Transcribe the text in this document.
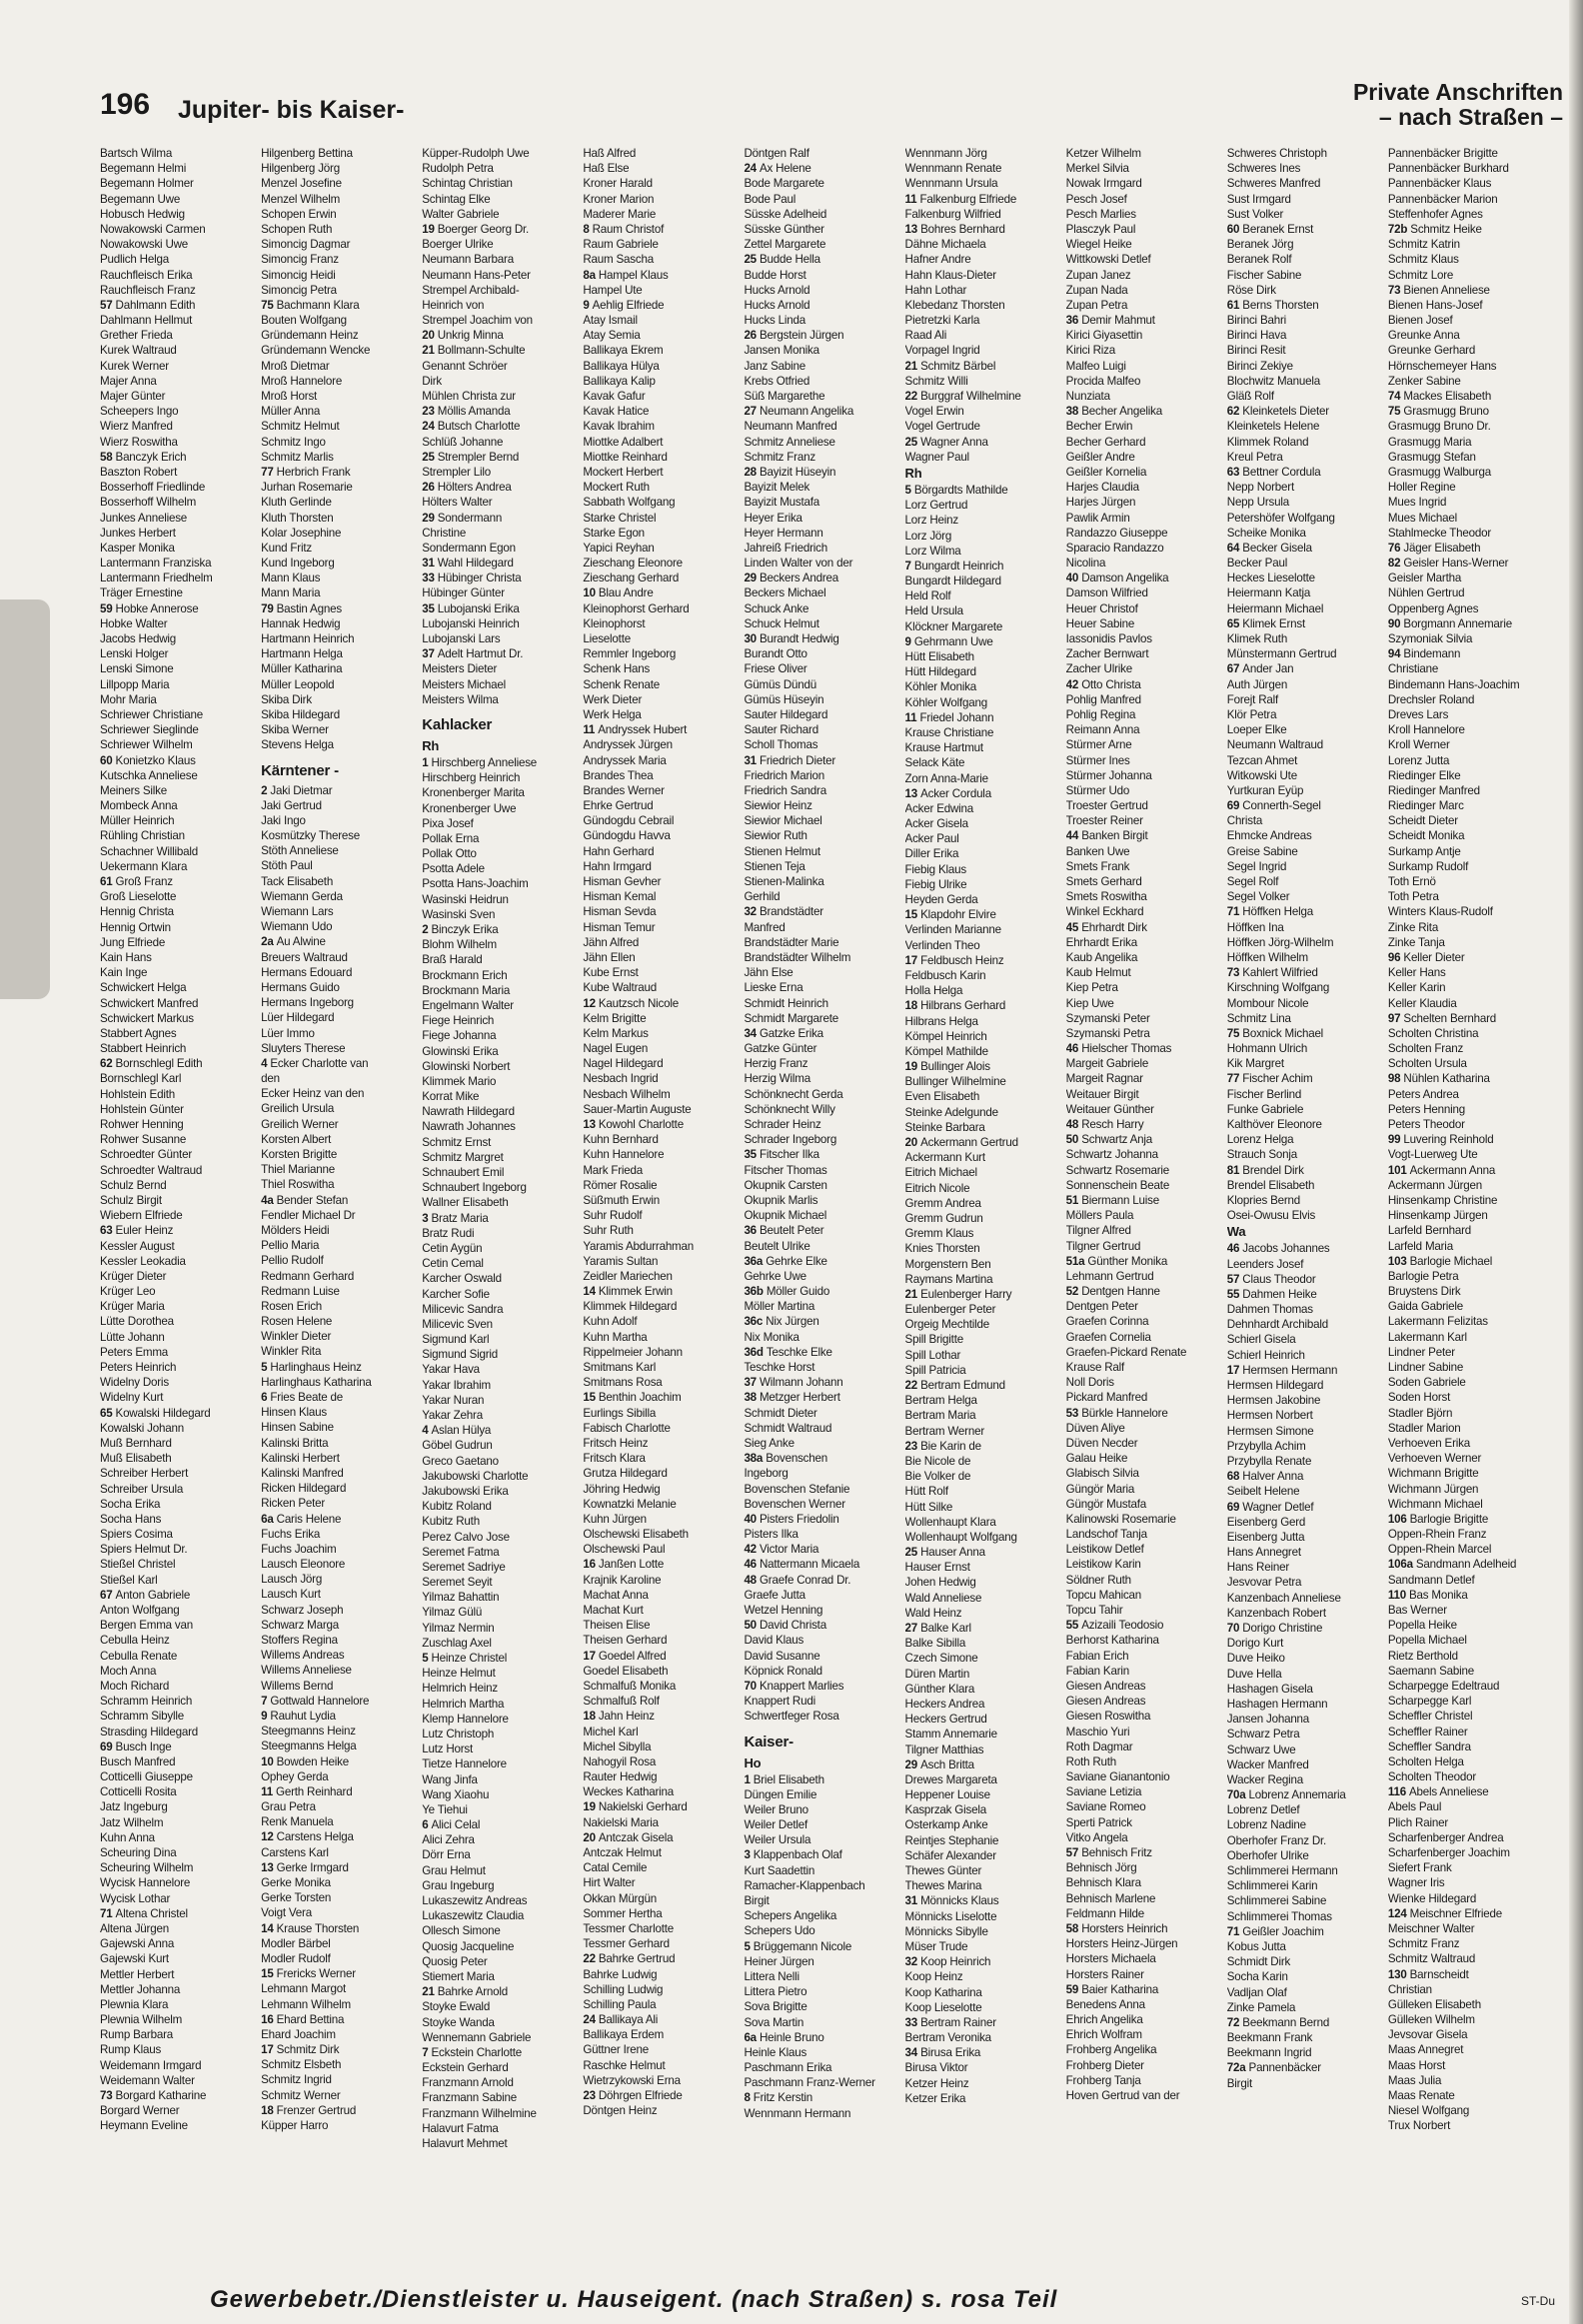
196 Jupiter- bis Kaiser-
Private Anschriften
– nach Straßen –
Bartsch Wilma
Begemann Helmi
Begemann Holmer
Begemann Uwe
Hobusch Hedwig
Nowakowski Carmen
Nowakowski Uwe
Pudlich Helga
Rauchfleisch Erika
Rauchfleisch Franz
57 Dahlmann Edith
Dahlmann Hellmut
Grether Frieda
Kurek Waltraud
Kurek Werner
Majer Anna
Majer Günter
Scheepers Ingo
Wierz Manfred
Wierz Roswitha
58 Banczyk Erich
Baszton Robert
Bosserhoff Friedlinde
Bosserhoff Wilhelm
Junkes Anneliese
Junkes Herbert
Kasper Monika
Lantermann Franziska
Lantermann Friedhelm
Träger Ernestine
59 Hobke Annerose
Hobke Walter
Jacobs Hedwig
Lenski Holger
Lenski Simone
Lillpopp Maria
Mohr Maria
Schriewer Christiane
Schriewer Sieglinde
Schriewer Wilhelm
60 Konietzko Klaus
Kutschka Anneliese
Meiners Silke
Mombeck Anna
Müller Heinrich
Rühling Christian
Schachner Willibald
Uekermann Klara
61 Groß Franz
Groß Lieselotte
Hennig Christa
Hennig Ortwin
Jung Elfriede
Kain Hans
Kain Inge
Schwickert Helga
Schwickert Manfred
Schwickert Markus
Stabbert Agnes
Stabbert Heinrich
62 Bornschlegl Edith
Bornschlegl Karl
Hohlstein Edith
Hohlstein Günter
Rohwer Henning
Rohwer Susanne
Schroedter Günter
Schroedter Waltraud
Schulz Bernd
Schulz Birgit
Wiebern Elfriede
63 Euler Heinz
Kessler August
Kessler Leokadia
Krüger Dieter
Krüger Leo
Krüger Maria
Lütte Dorothea
Lütte Johann
Peters Emma
Peters Heinrich
Widelny Doris
Widelny Kurt
65 Kowalski Hildegard
Kowalski Johann
Muß Bernhard
Muß Elisabeth
Schreiber Herbert
Schreiber Ursula
Socha Erika
Socha Hans
Spiers Cosima
Spiers Helmut Dr.
Stießel Christel
Stießel Karl
67 Anton Gabriele
Anton Wolfgang
Bergen Emma van
Cebulla Heinz
Cebulla Renate
Moch Anna
Moch Richard
Schramm Heinrich
Schramm Sibylle
Strasding Hildegard
69 Busch Inge
Busch Manfred
Cotticelli Giuseppe
Cotticelli Rosita
Jatz Ingeburg
Jatz Wilhelm
Kuhn Anna
Scheuring Dina
Scheuring Wilhelm
Wycisk Hannelore
Wycisk Lothar
71 Altena Christel
Altena Jürgen
Gajewski Anna
Gajewski Kurt
Mettler Herbert
Mettler Johanna
Plewnia Klara
Plewnia Wilhelm
Rump Barbara
Rump Klaus
Weidemann Irmgard
Weidemann Walter
73 Borgard Katharine
Borgard Werner
Heymann Eveline
Hilgenberg Bettina
Hilgenberg Jörg
Menzel Josefine
Menzel Wilhelm
Schopen Erwin
Schopen Ruth
Simoncig Dagmar
Simoncig Franz
Simoncig Heidi
Simoncig Petra
75 Bachmann Klara
Bouten Wolfgang
Gründemann Heinz
Gründemann Wencke
Mroß Dietmar
Mroß Hannelore
Mroß Horst
Müller Anna
Schmitz Helmut
Schmitz Ingo
Schmitz Marlis
77 Herbrich Frank
Jurhan Rosemarie
Kluth Gerlinde
Kluth Thorsten
Kolar Josephine
Kund Fritz
Kund Ingeborg
Mann Klaus
Mann Maria
79 Bastin Agnes
Hannak Hedwig
Hartmann Heinrich
Hartmann Helga
Müller Katharina
Müller Leopold
Skiba Dirk
Skiba Hildegard
Skiba Werner
Stevens Helga
Kärntener -
2 Jaki Dietmar
Jaki Gertrud
Jaki Ingo
Kosmützky Therese
Stöth Anneliese
Stöth Paul
Tack Elisabeth
Wiemann Gerda
Wiemann Lars
Wiemann Udo
2a Au Alwine
Breuers Waltraud
Hermans Edouard
Hermans Guido
Hermans Ingeborg
Lüer Hildegard
Lüer Immo
Sluyters Therese
4 Ecker Charlotte van
den
Ecker Heinz van den
Greilich Ursula
Greilich Werner
Korsten Albert
Korsten Brigitte
Thiel Marianne
Thiel Roswitha
4a Bender Stefan
Fendler Michael Dr
Mölders Heidi
Pellio Maria
Pellio Rudolf
Redmann Gerhard
Redmann Luise
Rosen Erich
Rosen Helene
Winkler Dieter
Winkler Rita
5 Harlinghaus Heinz
Harlinghaus Katharina
6 Fries Beate de
Hinsen Klaus
Hinsen Sabine
Kalinski Britta
Kalinski Herbert
Kalinski Manfred
Ricken Hildegard
Ricken Peter
6a Caris Helene
Fuchs Erika
Fuchs Joachim
Lausch Eleonore
Lausch Jörg
Lausch Kurt
Schwarz Joseph
Schwarz Marga
Stoffers Regina
Willems Andreas
Willems Anneliese
Willems Bernd
7 Gottwald Hannelore
9 Rauhut Lydia
Steegmanns Heinz
Steegmanns Helga
10 Bowden Heike
Ophey Gerda
11 Gerth Reinhard
Grau Petra
Renk Manuela
12 Carstens Helga
Carstens Karl
13 Gerke Irmgard
Gerke Monika
Gerke Torsten
Voigt Vera
14 Krause Thorsten
Modler Bärbel
Modler Rudolf
15 Frericks Werner
Lehmann Margot
Lehmann Wilhelm
16 Ehard Bettina
Ehard Joachim
17 Schmitz Dirk
Schmitz Elsbeth
Schmitz Ingrid
Schmitz Werner
18 Frenzer Gertrud
Küpper Harro
Küpper-Rudolph Uwe
Rudolph Petra
Schintag Christian
Schintag Elke
Walter Gabriele
19 Boerger Georg Dr.
Boerger Ulrike
Neumann Barbara
Neumann Hans-Peter
Strempel Archibald-
Heinrich von
Strempel Joachim von
20 Unkrig Minna
21 Bollmann-Schulte
Genannt Schröer
Dirk
Mühlen Christa zur
23 Möllis Amanda
24 Butsch Charlotte
Schlüß Johanne
25 Strempler Bernd
Strempler Lilo
26 Hölters Andrea
Hölters Walter
29 Sondermann
Christine
Sondermann Egon
31 Wahl Hildegard
33 Hübinger Christa
Hübinger Günter
35 Lubojanski Erika
Lubojanski Heinrich
Lubojanski Lars
37 Adelt Hartmut Dr.
Meisters Dieter
Meisters Michael
Meisters Wilma
Kahlacker
Rh
1 Hirschberg Anneliese
Hirschberg Heinrich
Kronenberger Marita
Kronenberger Uwe
Pixa Josef
Pollak Erna
Pollak Otto
Psotta Adele
Psotta Hans-Joachim
Wasinski Heidrun
Wasinski Sven
2 Binczyk Erika
Blohm Wilhelm
Braß Harald
Brockmann Erich
Brockmann Maria
Engelmann Walter
Fiege Heinrich
Fiege Johanna
Glowinski Erika
Glowinski Norbert
Klimmek Mario
Korrat Mike
Nawrath Hildegard
Nawrath Johannes
Schmitz Ernst
Schmitz Margret
Schnaubert Emil
Schnaubert Ingeborg
Wallner Elisabeth
3 Bratz Maria
Bratz Rudi
Cetin Aygün
Cetin Cemal
Karcher Oswald
Karcher Sofie
Milicevic Sandra
Milicevic Sven
Sigmund Karl
Sigmund Sigrid
Yakar Hava
Yakar Ibrahim
Yakar Nuran
Yakar Zehra
4 Aslan Hülya
Göbel Gudrun
Greco Gaetano
Jakubowski Charlotte
Jakubowski Erika
Kubitz Roland
Kubitz Ruth
Perez Calvo Jose
Seremet Fatma
Seremet Sadriye
Seremet Seyit
Yilmaz Bahattin
Yilmaz Gülü
Yilmaz Nermin
Zuschlag Axel
5 Heinze Christel
Heinze Helmut
Helmrich Heinz
Helmrich Martha
Klemp Hannelore
Lutz Christoph
Lutz Horst
Tietze Hannelore
Wang Jinfa
Wang Xiaohu
Ye Tiehui
6 Alici Celal
Alici Zehra
Dörr Erna
Grau Helmut
Grau Ingeburg
Lukaszewitz Andreas
Lukaszewitz Claudia
Ollesch Simone
Quosig Jacqueline
Quosig Peter
Stiemert Maria
21 Bahrke Arnold
Stoyke Ewald
Stoyke Wanda
Wennemann Gabriele
7 Eckstein Charlotte
Eckstein Gerhard
Franzmann Arnold
Franzmann Sabine
Franzmann Wilhelmine
Halavurt Fatma
Halavurt Mehmet
Haß Alfred
Haß Else
Kroner Harald
Kroner Marion
Maderer Marie
8 Raum Christof
Raum Gabriele
Raum Sascha
8a Hampel Klaus
Hampel Ute
9 Aehlig Elfriede
Atay Ismail
Atay Semia
Ballikaya Ekrem
Ballikaya Hülya
Ballikaya Kalip
Kavak Gafur
Kavak Hatice
Kavak Ibrahim
Miottke Adalbert
Miottke Reinhard
Mockert Herbert
Mockert Ruth
Sabbath Wolfgang
Starke Christel
Starke Egon
Yapici Reyhan
Zieschang Eleonore
Zieschang Gerhard
10 Blau Andre
Kleinophorst Gerhard
Kleinophorst
Lieselotte
Remmler Ingeborg
Schenk Hans
Schenk Renate
Werk Dieter
Werk Helga
11 Andryssek Hubert
Andryssek Jürgen
Andryssek Maria
Brandes Thea
Brandes Werner
Ehrke Gertrud
Gündogdu Cebrail
Gündogdu Havva
Hahn Gerhard
Hahn Irmgard
Hisman Gevher
Hisman Kemal
Hisman Sevda
Hisman Temur
Jähn Alfred
Jähn Ellen
Kube Ernst
Kube Waltraud
12 Kautzsch Nicole
Kelm Brigitte
Kelm Markus
Nagel Eugen
Nagel Hildegard
Nesbach Ingrid
Nesbach Wilhelm
Sauer-Martin Auguste
13 Kowohl Charlotte
Kuhn Bernhard
Kuhn Hannelore
Mark Frieda
Römer Rosalie
Süßmuth Erwin
Suhr Rudolf
Suhr Ruth
Yaramis Abdurrahman
Yaramis Sultan
Zeidler Mariechen
14 Klimmek Erwin
Klimmek Hildegard
Kuhn Adolf
Kuhn Martha
Rippelmeier Johann
Smitmans Karl
Smitmans Rosa
15 Benthin Joachim
Eurlings Sibilla
Fabisch Charlotte
Fritsch Heinz
Fritsch Klara
Grutza Hildegard
Jöhring Hedwig
Kownatzki Melanie
Kuhn Jürgen
Olschewski Elisabeth
Olschewski Paul
16 Janßen Lotte
Krajnik Karoline
Machat Anna
Machat Kurt
Theisen Elise
Theisen Gerhard
17 Goedel Alfred
Goedel Elisabeth
Schmalfuß Monika
Schmalfuß Rolf
18 Jahn Heinz
Michel Karl
Michel Sibylla
Nahogyil Rosa
Rauter Hedwig
Weckes Katharina
19 Nakielski Gerhard
Nakielski Maria
20 Antczak Gisela
Antczak Helmut
Catal Cemile
Hirt Walter
Okkan Mürgün
Sommer Hertha
Tessmer Charlotte
Tessmer Gerhard
22 Bahrke Gertrud
Bahrke Ludwig
Schilling Ludwig
Schilling Paula
24 Ballikaya Ali
Ballikaya Erdem
Güttner Irene
Raschke Helmut
Wietrzykowski Erna
23 Döhrgen Elfriede
Döntgen Heinz
Döntgen Ralf
24 Ax Helene
Bode Margarete
Bode Paul
Süsske Adelheid
Süsske Günther
Zettel Margarete
25 Budde Hella
Budde Horst
Hucks Arnold
Hucks Arnold
Hucks Linda
26 Bergstein Jürgen
Jansen Monika
Janz Sabine
Krebs Otfried
Süß Margarethe
27 Neumann Angelika
Neumann Manfred
Schmitz Anneliese
Schmitz Franz
28 Bayizit Hüseyin
Bayizit Melek
Bayizit Mustafa
Heyer Erika
Heyer Hermann
Jahreiß Friedrich
Linden Walter von der
29 Beckers Andrea
Beckers Michael
Schuck Anke
Schuck Helmut
30 Burandt Hedwig
Burandt Otto
Friese Oliver
Gümüs Dündü
Gümüs Hüseyin
Sauter Hildegard
Sauter Richard
Scholl Thomas
31 Friedrich Dieter
Friedrich Marion
Friedrich Sandra
Siewior Heinz
Siewior Michael
Siewior Ruth
Stienen Helmut
Stienen Teja
Stienen-Malinka
Gerhild
32 Brandstädter
Manfred
Brandstädter Marie
Brandstädter Wilhelm
Jähn Else
Lieske Erna
Schmidt Heinrich
Schmidt Margarete
34 Gatzke Erika
Gatzke Günter
Herzig Franz
Herzig Wilma
Schönknecht Gerda
Schönknecht Willy
Schrader Heinz
Schrader Ingeborg
35 Fitscher Ilka
Fitscher Thomas
Okupnik Carsten
Okupnik Marlis
Okupnik Michael
36 Beutelt Peter
Beutelt Ulrike
36a Gehrke Elke
Gehrke Uwe
36b Möller Guido
Möller Martina
36c Nix Jürgen
Nix Monika
36d Teschke Elke
Teschke Horst
37 Wilmann Johann
38 Metzger Herbert
Schmidt Dieter
Schmidt Waltraud
Sieg Anke
38a Bovenschen
Ingeborg
Bovenschen Stefanie
Bovenschen Werner
40 Pisters Friedolin
Pisters Ilka
42 Victor Maria
46 Nattermann Micaela
48 Graefe Conrad Dr.
Graefe Jutta
Wetzel Henning
50 David Christa
David Klaus
David Susanne
Köpnick Ronald
70 Knappert Marlies
Knappert Rudi
Schwertfeger Rosa
Kaiser-
Ho
1 Briel Elisabeth
Düngen Emilie
Weiler Bruno
Weiler Detlef
Weiler Ursula
3 Klappenbach Olaf
Kurt Saadettin
Ramacher-Klappenbach
Birgit
Schepers Angelika
Schepers Udo
5 Brüggemann Nicole
Heiner Jürgen
Littera Nelli
Littera Pietro
Sova Brigitte
Sova Martin
6a Heinle Bruno
Heinle Klaus
Paschmann Erika
Paschmann Franz-Werner
8 Fritz Kerstin
Wennmann Hermann
Wennmann Jörg
Wennmann Renate
Wennmann Ursula
11 Falkenburg Elfriede
Falkenburg Wilfried
13 Bohres Bernhard
Dähne Michaela
Hafner Andre
Hahn Klaus-Dieter
Hahn Lothar
Klebedanz Thorsten
Pietretzki Karla
Raad Ali
Vorpagel Ingrid
21 Schmitz Bärbel
Schmitz Willi
22 Burggraf Wilhelmine
Vogel Erwin
Vogel Gertrude
25 Wagner Anna
Wagner Paul
Rh
5 Börgardts Mathilde
Lorz Gertrud
Lorz Heinz
Lorz Jörg
Lorz Wilma
7 Bungardt Heinrich
Bungardt Hildegard
Held Rolf
Held Ursula
Klöckner Margarete
9 Gehrmann Uwe
Hütt Elisabeth
Hütt Hildegard
Köhler Monika
Köhler Wolfgang
11 Friedel Johann
Krause Christiane
Krause Hartmut
Selack Käte
Zorn Anna-Marie
13 Acker Cordula
Acker Edwina
Acker Gisela
Acker Paul
Diller Erika
Fiebig Klaus
Fiebig Ulrike
Heyden Gerda
15 Klapdohr Elvire
Verlinden Marianne
Verlinden Theo
17 Feldbusch Heinz
Feldbusch Karin
Holla Helga
18 Hilbrans Gerhard
Hilbrans Helga
Kömpel Heinrich
Kömpel Mathilde
19 Bullinger Alois
Bullinger Wilhelmine
Even Elisabeth
Steinke Adelgunde
Steinke Barbara
20 Ackermann Gertrud
Ackermann Kurt
Eitrich Michael
Eitrich Nicole
Gremm Andrea
Gremm Gudrun
Gremm Klaus
Knies Thorsten
Morgenstern Ben
Raymans Martina
21 Eulenberger Harry
Eulenberger Peter
Orgeig Mechtilde
Spill Brigitte
Spill Lothar
Spill Patricia
22 Bertram Edmund
Bertram Helga
Bertram Maria
Bertram Werner
23 Bie Karin de
Bie Nicole de
Bie Volker de
Hütt Rolf
Hütt Silke
Wollenhaupt Klara
Wollenhaupt Wolfgang
25 Hauser Anna
Hauser Ernst
Johen Hedwig
Wald Anneliese
Wald Heinz
27 Balke Karl
Balke Sibilla
Czech Simone
Düren Martin
Günther Klara
Heckers Andrea
Heckers Gertrud
Stamm Annemarie
Tilgner Matthias
29 Asch Britta
Drewes Margareta
Heppener Louise
Kasprzak Gisela
Osterkamp Anke
Reintjes Stephanie
Schäfer Alexander
Thewes Günter
Thewes Marina
31 Mönnicks Klaus
Mönnicks Liselotte
Mönnicks Sibylle
Müser Trude
32 Koop Heinrich
Koop Heinz
Koop Katharina
Koop Lieselotte
33 Bertram Rainer
Bertram Veronika
34 Birusa Erika
Birusa Viktor
Ketzer Heinz
Ketzer Erika
Ketzer Wilhelm
Merkel Silvia
Nowak Irmgard
Pesch Josef
Pesch Marlies
Plasczyk Paul
Wiegel Heike
Wittkowski Detlef
Zupan Janez
Zupan Nada
Zupan Petra
36 Demir Mahmut
Kirici Giyasettin
Kirici Riza
Malfeo Luigi
Procida Malfeo
Nunziata
38 Becher Angelika
Becher Erwin
Becher Gerhard
Geißler Andre
Geißler Kornelia
Harjes Claudia
Harjes Jürgen
Pawlik Armin
Randazzo Giuseppe
Sparacio Randazzo
Nicolina
40 Damson Angelika
Damson Wilfried
Heuer Christof
Heuer Sabine
Iassonidis Pavlos
Zacher Bernwart
Zacher Ulrike
42 Otto Christa
Pohlig Manfred
Pohlig Regina
Reimann Anna
Stürmer Arne
Stürmer Ines
Stürmer Johanna
Stürmer Udo
Troester Gertrud
Troester Reiner
44 Banken Birgit
Banken Uwe
Smets Frank
Smets Gerhard
Smets Roswitha
Winkel Eckhard
45 Ehrhardt Dirk
Ehrhardt Erika
Kaub Angelika
Kaub Helmut
Kiep Petra
Kiep Uwe
Szymanski Peter
Szymanski Petra
46 Hielscher Thomas
Margeit Gabriele
Margeit Ragnar
Weitauer Birgit
Weitauer Günther
48 Resch Harry
50 Schwartz Anja
Schwartz Johanna
Schwartz Rosemarie
Sonnenschein Beate
51 Biermann Luise
Möllers Paula
Tilgner Alfred
Tilgner Gertrud
51a Günther Monika
Lehmann Gertrud
52 Dentgen Hanne
Dentgen Peter
Graefen Corinna
Graefen Cornelia
Graefen-Pickard Renate
Krause Ralf
Noll Doris
Pickard Manfred
53 Bürkle Hannelore
Düven Aliye
Düven Necder
Galau Heike
Glabisch Silvia
Güngör Maria
Güngör Mustafa
Kalinowski Rosemarie
Landschof Tanja
Leistikow Detlef
Leistikow Karin
Söldner Ruth
Topcu Mahican
Topcu Tahir
55 Azizaili Teodosio
Berhorst Katharina
Fabian Erich
Fabian Karin
Giesen Andreas
Giesen Andreas
Giesen Roswitha
Maschio Yuri
Roth Dagmar
Roth Ruth
Saviane Gianantonio
Saviane Letizia
Saviane Romeo
Sperti Patrick
Vitko Angela
57 Behnisch Fritz
Behnisch Jörg
Behnisch Klara
Behnisch Marlene
Feldmann Hilde
58 Horsters Heinrich
Horsters Heinz-Jürgen
Horsters Michaela
Horsters Rainer
59 Baier Katharina
Benedens Anna
Ehrich Angelika
Ehrich Wolfram
Frohberg Angelika
Frohberg Dieter
Frohberg Tanja
Hoven Gertrud van der
Schweres Christoph
Schweres Ines
Schweres Manfred
Sust Irmgard
Sust Volker
60 Beranek Ernst
Beranek Jörg
Beranek Rolf
Fischer Sabine
Röse Dirk
61 Berns Thorsten
Birinci Bahri
Birinci Hava
Birinci Resit
Birinci Zekiye
Blochwitz Manuela
Gläß Rolf
62 Kleinketels Dieter
Kleinketels Helene
Klimmek Roland
Kreul Petra
63 Bettner Cordula
Nepp Norbert
Nepp Ursula
Petershöfer Wolfgang
Scheike Monika
64 Becker Gisela
Becker Paul
Heckes Lieselotte
Heiermann Katja
Heiermann Michael
65 Klimek Ernst
Klimek Ruth
Münstermann Gertrud
67 Ander Jan
Auth Jürgen
Forejt Ralf
Klör Petra
Loeper Elke
Neumann Waltraud
Tezcan Ahmet
Witkowski Ute
Yurtkuran Eyüp
69 Connerth-Segel
Christa
Ehmcke Andreas
Greise Sabine
Segel Ingrid
Segel Rolf
Segel Volker
71 Höffken Helga
Höffken Ina
Höffken Jörg-Wilhelm
Höffken Wilhelm
73 Kahlert Wilfried
Kirschning Wolfgang
Mombour Nicole
Schmitz Lina
75 Boxnick Michael
Hohmann Ulrich
Kik Margret
77 Fischer Achim
Fischer Berlind
Funke Gabriele
Kalthöver Eleonore
Lorenz Helga
Strauch Sonja
81 Brendel Dirk
Brendel Elisabeth
Klopries Bernd
Osei-Owusu Elvis
Wa
46 Jacobs Johannes
Leenders Josef
57 Claus Theodor
55 Dahmen Heike
Dahmen Thomas
Dehnhardt Archibald
Schierl Gisela
Schierl Heinrich
17 Hermsen Hermann
Hermsen Hildegard
Hermsen Jakobine
Hermsen Norbert
Hermsen Simone
Przybylla Achim
Przybylla Renate
68 Halver Anna
Seibelt Helene
69 Wagner Detlef
Eisenberg Gerd
Eisenberg Jutta
Hans Annegret
Hans Reiner
Jesvovar Petra
Kanzenbach Anneliese
Kanzenbach Robert
70 Dorigo Christine
Dorigo Kurt
Duve Heiko
Duve Hella
Hashagen Gisela
Hashagen Hermann
Jansen Johanna
Schwarz Petra
Schwarz Uwe
Wacker Manfred
Wacker Regina
70a Lobrenz Annemaria
Lobrenz Detlef
Lobrenz Nadine
Oberhofer Franz Dr.
Oberhofer Ulrike
Schlimmerei Hermann
Schlimmerei Karin
Schlimmerei Sabine
Schlimmerei Thomas
71 Geißler Joachim
Kobus Jutta
Schmidt Dirk
Socha Karin
Vadljan Olaf
Zinke Pamela
72 Beekmann Bernd
Beekmann Frank
Beekmann Ingrid
72a Pannenbäcker
Birgit
Pannenbäcker Brigitte
Pannenbäcker Burkhard
Pannenbäcker Klaus
Pannenbäcker Marion
Steffenhofer Agnes
72b Schmitz Heike
Schmitz Katrin
Schmitz Klaus
Schmitz Lore
73 Bienen Anneliese
Bienen Hans-Josef
Bienen Josef
Greunke Anna
Greunke Gerhard
Hörnschemeyer Hans
Zenker Sabine
74 Mackes Elisabeth
75 Grasmugg Bruno
Grasmugg Bruno Dr.
Grasmugg Maria
Grasmugg Stefan
Grasmugg Walburga
Holler Regine
Mues Ingrid
Mues Michael
Stahlmecke Theodor
76 Jäger Elisabeth
82 Geisler Hans-Werner
Geisler Martha
Nühlen Gertrud
Oppenberg Agnes
90 Borgmann Annemarie
Szymoniak Silvia
94 Bindemann
Christiane
Bindemann Hans-Joachim
Drechsler Roland
Dreves Lars
Kroll Hannelore
Kroll Werner
Lorenz Jutta
Riedinger Elke
Riedinger Manfred
Riedinger Marc
Scheidt Dieter
Scheidt Monika
Surkamp Antje
Surkamp Rudolf
Toth Ernö
Toth Petra
Winters Klaus-Rudolf
Zinke Rita
Zinke Tanja
96 Keller Dieter
Keller Hans
Keller Karin
Keller Klaudia
97 Schelten Bernhard
Scholten Christina
Scholten Franz
Scholten Ursula
98 Nühlen Katharina
Peters Andrea
Peters Henning
Peters Theodor
99 Luvering Reinhold
Vogt-Luerweg Ute
101 Ackermann Anna
Ackermann Jürgen
Hinsenkamp Christine
Hinsenkamp Jürgen
Larfeld Bernhard
Larfeld Maria
103 Barlogie Michael
Barlogie Petra
Bruystens Dirk
Gaida Gabriele
Lakermann Felizitas
Lakermann Karl
Lindner Peter
Lindner Sabine
Soden Gabriele
Soden Horst
Stadler Björn
Stadler Marion
Verhoeven Erika
Verhoeven Werner
Wichmann Brigitte
Wichmann Jürgen
Wichmann Michael
106 Barlogie Brigitte
Oppen-Rhein Franz
Oppen-Rhein Marcel
106a Sandmann Adelheid
Sandmann Detlef
110 Bas Monika
Bas Werner
Popella Heike
Popella Michael
Rietz Berthold
Saemann Sabine
Scharpegge Edeltraud
Scharpegge Karl
Scheffler Christel
Scheffler Rainer
Scheffler Sandra
Scholten Helga
Scholten Theodor
116 Abels Anneliese
Abels Paul
Plich Rainer
Scharfenberger Andrea
Scharfenberger Joachim
Siefert Frank
Wagner Iris
Wienke Hildegard
124 Meischner Elfriede
Meischner Walter
Schmitz Franz
Schmitz Waltraud
130 Barnscheidt
Christian
Gülleken Elisabeth
Gülleken Wilhelm
Jevsovar Gisela
Maas Annegret
Maas Horst
Maas Julia
Maas Renate
Niesel Wolfgang
Trux Norbert
Gewerbebetr./Dienstleister u. Hauseigent. (nach Straßen) s. rosa Teil	ST-Du
